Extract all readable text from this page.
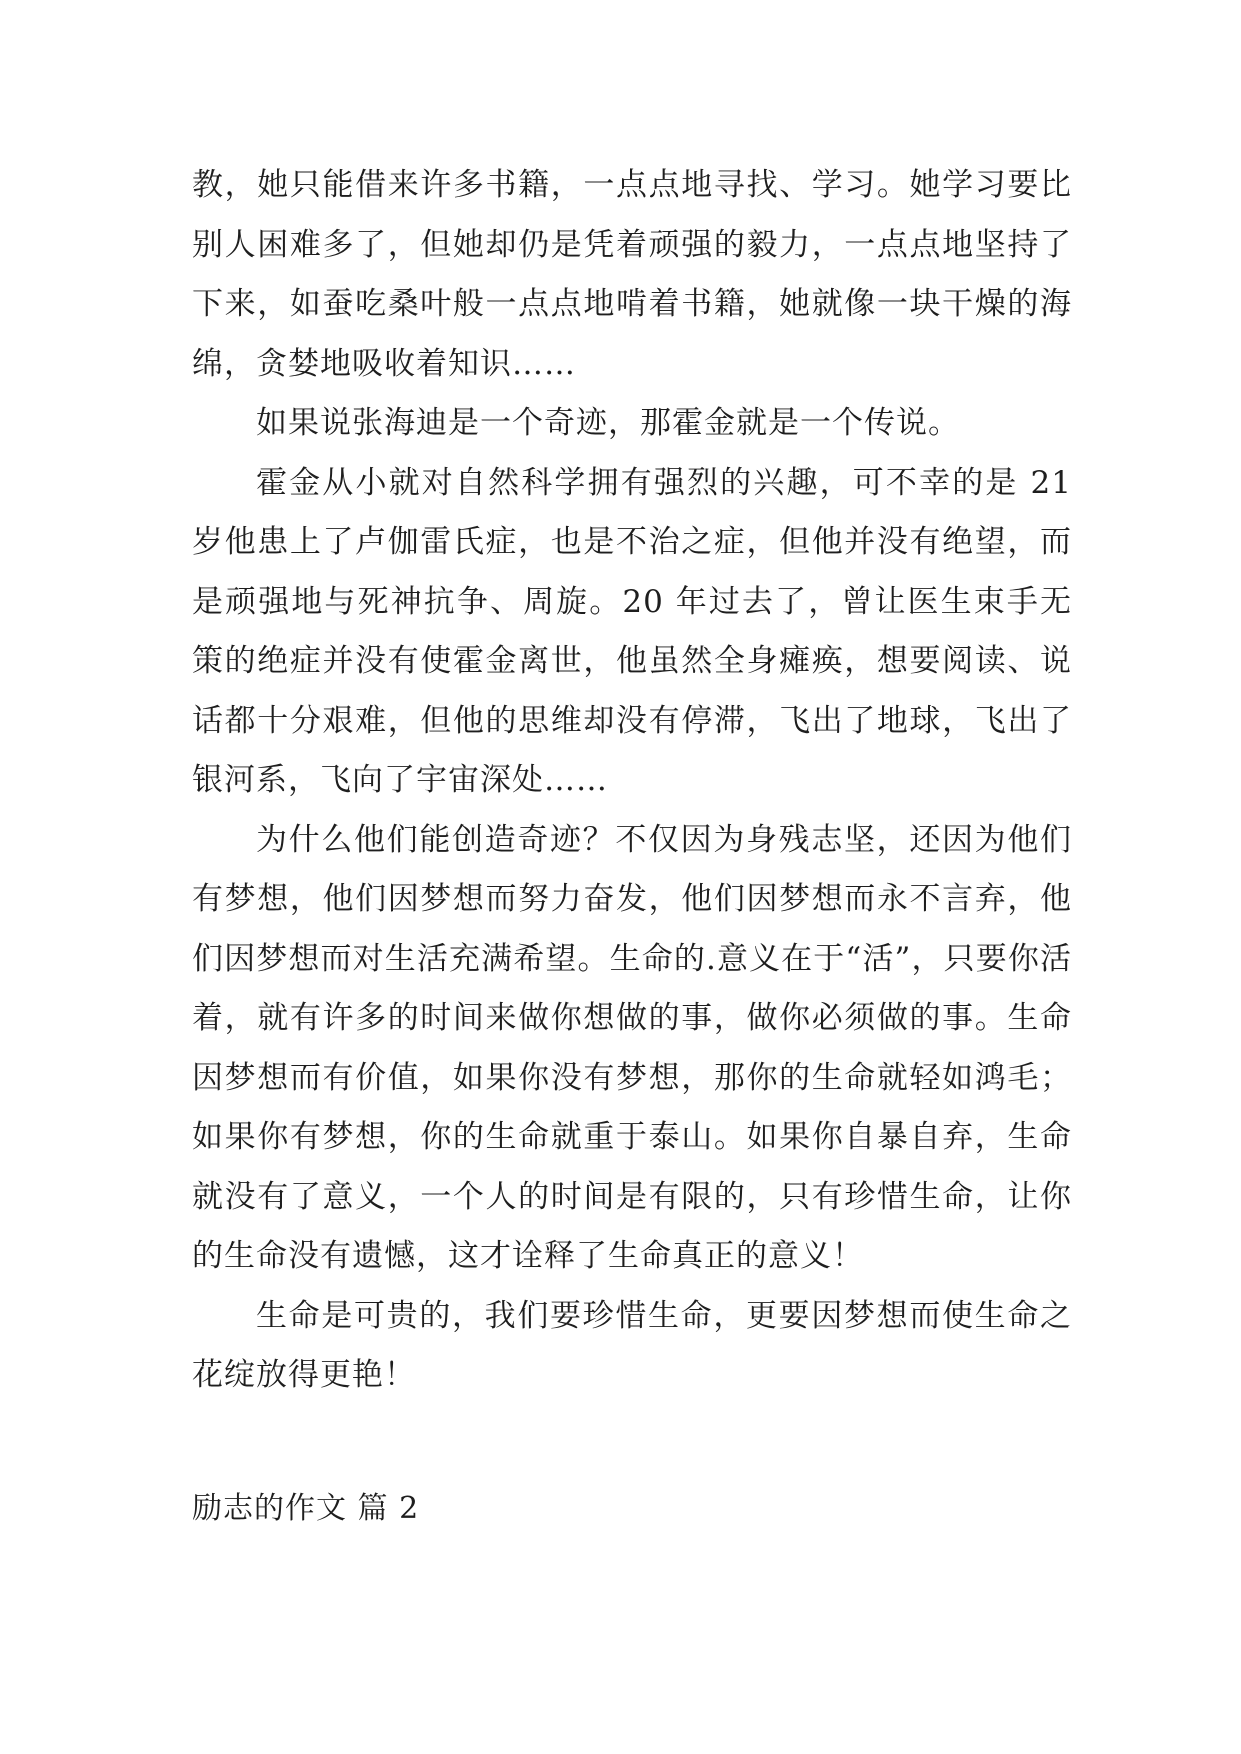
教，她只能借来许多书籍，一点点地寻找、学习。她学习要比别人困难多了，但她却仍是凭着顽强的毅力，一点点地坚持了下来，如蚕吃桑叶般一点点地啃着书籍，她就像一块干燥的海绵，贪婪地吸收着知识……

如果说张海迪是一个奇迹，那霍金就是一个传说。

霍金从小就对自然科学拥有强烈的兴趣，可不幸的是 21 岁他患上了卢伽雷氏症，也是不治之症，但他并没有绝望，而是顽强地与死神抗争、周旋。20 年过去了，曾让医生束手无策的绝症并没有使霍金离世，他虽然全身瘫痪，想要阅读、说话都十分艰难，但他的思维却没有停滞，飞出了地球，飞出了银河系，飞向了宇宙深处……

为什么他们能创造奇迹？不仅因为身残志坚，还因为他们有梦想，他们因梦想而努力奋发，他们因梦想而永不言弃，他们因梦想而对生活充满希望。生命的.意义在于“活”，只要你活着，就有许多的时间来做你想做的事，做你必须做的事。生命因梦想而有价值，如果你没有梦想，那你的生命就轻如鸿毛；如果你有梦想，你的生命就重于泰山。如果你自暴自弃，生命就没有了意义，一个人的时间是有限的，只有珍惜生命，让你的生命没有遗憾，这才诠释了生命真正的意义！

生命是可贵的，我们要珍惜生命，更要因梦想而使生命之花绽放得更艳！

励志的作文 篇 2
